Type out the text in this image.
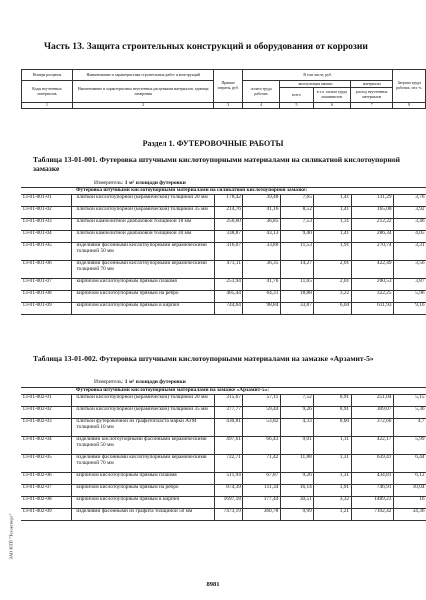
Часть 13. Защита строительных конструкций и оборудования от коррозии
Номера расценок	Наименование и характеристика строительных работ и конструкций	Прямые затраты, руб.	В том числе, руб.				Затраты труда рабочих, чел.-ч.
Коды неучтенных материалов	Наименование и характеристика неучтенных расценками материалов, единица измерения		оплата труда рабочих	эксплуатация машин		материалы	
				всего	в т.ч. оплата труда машинистов	расход неучтенных материалов	
1	2	3	4	5	6	7	8
Раздел 1. ФУТЕРОВОЧНЫЕ РАБОТЫ
Таблица 13-01-001. Футеровка штучными кислотоупорными материалами на силикатной кислотоупорной замазке
Измеритель: 1 м² площади футеровки
	Футеровка штучными кислотоупорными материалами на силикатной кислотоупорной замазке:						
13-01-001-01	плиткой кислотоупорной (керамической) толщиной 20 мм	178,42	39,48	7,65	1,41	131,29	3,76
13-01-001-02	плиткой кислотоупорной (керамической) толщиной 35 мм	214,76	41,16	8,52	1,41	165,08	3,92
13-01-001-03	плиткой кампелитной диабазовой толщиной 18 мм	256,60	36,85	7,53	1,31	212,22	3,46
13-01-001-04	плиткой кампелитной диабазовой толщиной 30 мм	338,87	43,13	9,40	1,41	286,34	4,05
13-01-001-05	изделиями фасонными кислотоупорными керамическими толщиной 50 мм	316,07	33,80	11,53	1,91	270,74	3,31
13-01-001-06	изделиями фасонными кислотоупорными керамическими толщиной 70 мм	473,11	36,35	14,27	2,01	422,49	3,56
13-01-001-07	кирпичом кислотоупорным прямым плашмя	253,94	41,76	11,65	2,01	200,53	3,87
13-01-001-08	кирпичом кислотоупорным прямым на ребро	405,44	64,31	18,88	3,22	322,25	5,96
13-01-001-09	кирпичом кислотоупорным прямым в кирпич	744,64	98,84	33,87	6,04	611,93	9,16
Таблица 13-01-002. Футеровка штучными кислотоупорными материалами на замазке «Арзамит-5»
Измеритель: 1 м² площади футеровки
	Футеровка штучными кислотоупорными материалами на замазке «Арзамит-5»:						
13-01-002-01	плиткой кислотоупорной (керамической) толщиной 20 мм	315,67	57,11	7,52	0,91	251,04	5,15
13-01-002-02	плиткой кислотоупорной (керамической) толщиной 35 мм	377,77	59,44	9,26	0,91	309,07	5,36
13-01-002-03	плиткой футеровочной из графитопласта марки АТМ толщиной 10 мм	430,81	53,82	4,33	0,60	372,66	4,7
13-01-002-04	изделиями кислотоупорными фасонными керамическими толщиной 50 мм	497,61	66,43	9,01	1,11	422,17	5,99
13-01-002-05	изделиями фасонными кислотоупорными керамическими толщиной 70 мм	722,71	71,42	11,88	1,31	639,41	6,44
13-01-002-06	кирпичом кислотоупорным прямым плашмя	511,94	67,87	9,26	1,31	434,81	6,12
13-01-002-07	кирпичом кислотоупорным прямым на ребро	874,39	111,34	16,14	1,91	746,91	10,04
13-01-002-08	кирпичом кислотоупорным прямым в кирпич	1697,18	177,44	30,51	3,32	1489,23	16
13-01-002-09	изделиями фасонными из графита толщиной 50 мм	7473,19	360,78	9,99	1,21	7102,42	34,36
ЗАО НТП "Техэксперт"
8981
